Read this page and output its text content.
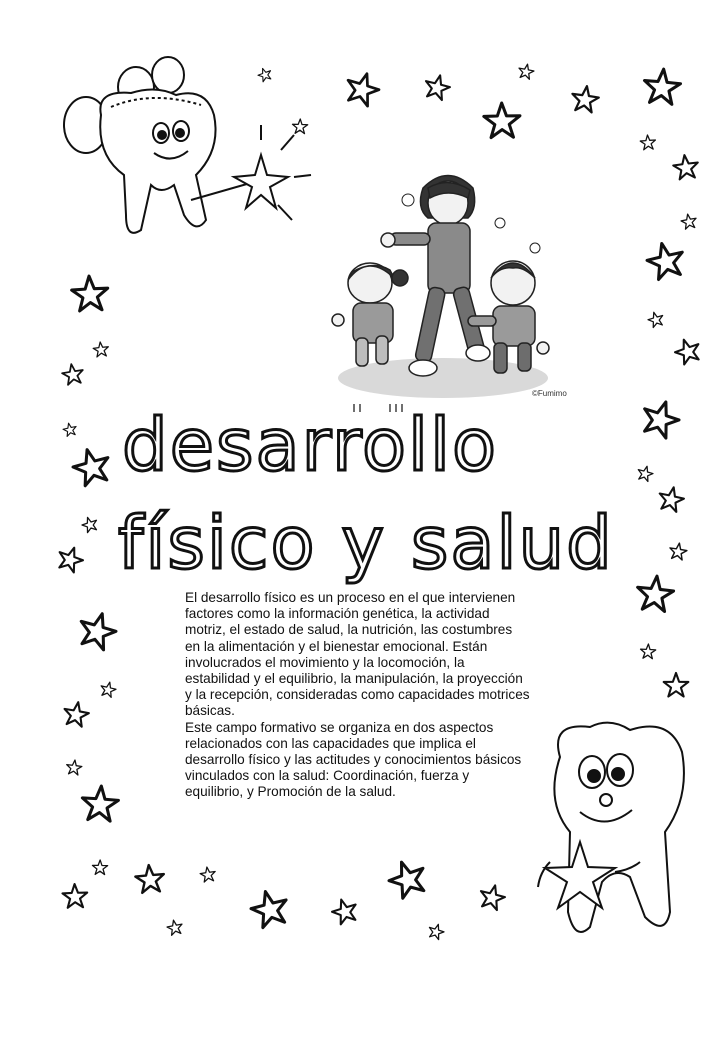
©Fumimo
desarrollo
físico y salud

El desarrollo físico es un proceso en el que intervienen factores como la información genética, la actividad motriz, el estado de salud, la nutrición, las costumbres en la alimentación y el bienestar emocional. Están involucrados el movimiento y la locomoción, la estabilidad y el equilibrio, la manipulación, la proyección y la recepción, consideradas como capacidades motrices básicas.

Este campo formativo se organiza en dos aspectos relacionados con las capacidades que implica el desarrollo físico y las actitudes y conocimientos básicos vinculados con la salud: Coordinación, fuerza y equilibrio, y Promoción de la salud.
